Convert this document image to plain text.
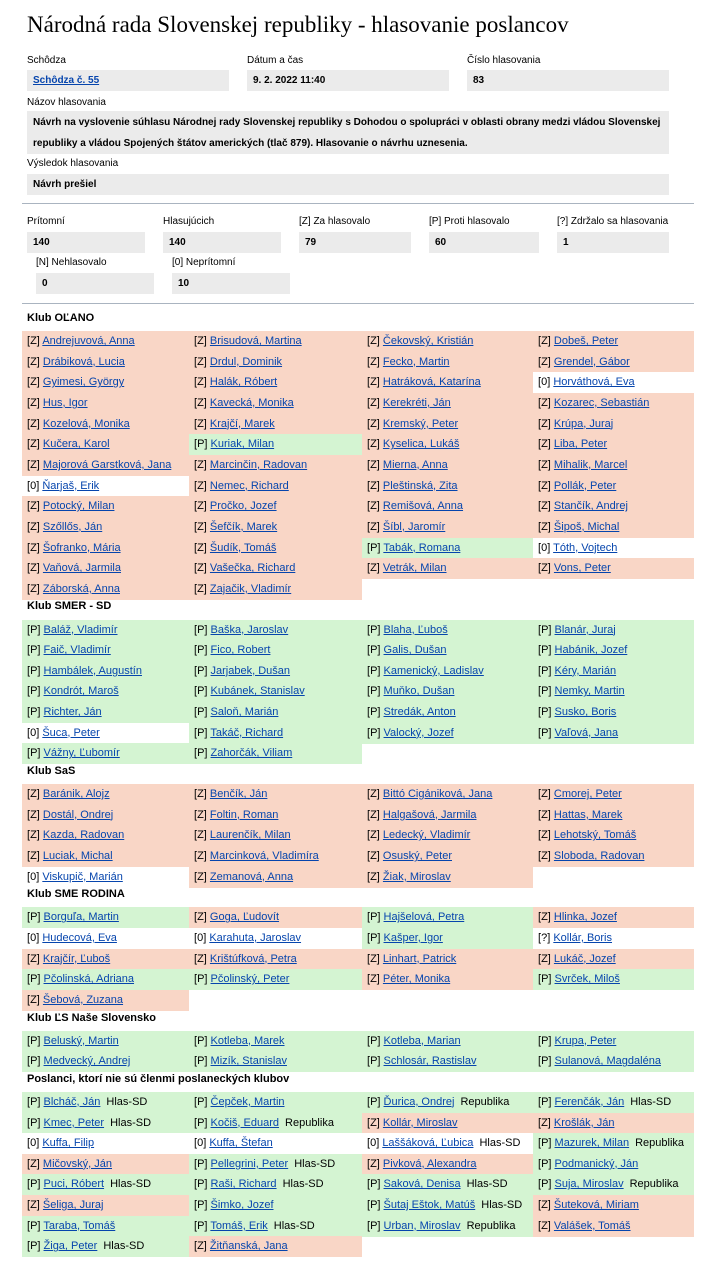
Národná rada Slovenskej republiky - hlasovanie poslancov
Schôdza
Schôdza č. 55
Dátum a čas
9. 2. 2022 11:40
Číslo hlasovania
83
Názov hlasovania
Návrh na vyslovenie súhlasu Národnej rady Slovenskej republiky s Dohodou o spolupráci v oblasti obrany medzi vládou Slovenskej republiky a vládou Spojených štátov amerických (tlač 879). Hlasovanie o návrhu uznesenia.
Výsledok hlasovania
Návrh prešiel
Prítomní
140
Hlasujúcich
140
[Z] Za hlasovalo
79
[P] Proti hlasovalo
60
[?] Zdržalo sa hlasovania
1
[N] Nehlasovalo
0
[0] Neprítomní
10
Klub OĽANO
[Z] Andrejuvová, Anna	[Z] Brisudová, Martina	[Z] Čekovský, Kristián	[Z] Dobeš, Peter
[Z] Drábiková, Lucia	[Z] Drdul, Dominik	[Z] Fecko, Martin	[Z] Grendel, Gábor
[Z] Gyimesi, György	[Z] Halák, Róbert	[Z] Hatráková, Katarína	[0] Horváthová, Eva
[Z] Hus, Igor	[Z] Kavecká, Monika	[Z] Kerekréti, Ján	[Z] Kozarec, Sebastián
[Z] Kozelová, Monika	[Z] Krajčí, Marek	[Z] Kremský, Peter	[Z] Krúpa, Juraj
[Z] Kučera, Karol	[P] Kuriak, Milan	[Z] Kyselica, Lukáš	[Z] Liba, Peter
[Z] Majorová Garstková, Jana	[Z] Marcinčin, Radovan	[Z] Mierna, Anna	[Z] Mihalik, Marcel
[0] Ňarjaš, Erik	[Z] Nemec, Richard	[Z] Pleštinská, Zita	[Z] Pollák, Peter
[Z] Potocký, Milan	[Z] Pročko, Jozef	[Z] Remišová, Anna	[Z] Stančík, Andrej
[Z] Szőllős, Ján	[Z] Šefčík, Marek	[Z] Šíbl, Jaromír	[Z] Šipoš, Michal
[Z] Šofranko, Mária	[Z] Šudík, Tomáš	[P] Tabák, Romana	[0] Tóth, Vojtech
[Z] Vaňová, Jarmila	[Z] Vašečka, Richard	[Z] Vetrák, Milan	[Z] Vons, Peter
[Z] Záborská, Anna	[Z] Zajačik, Vladimír
Klub SMER - SD
[P] Baláž, Vladimír	[P] Baška, Jaroslav	[P] Blaha, Ľuboš	[P] Blanár, Juraj
[P] Faič, Vladimír	[P] Fico, Robert	[P] Galis, Dušan	[P] Habánik, Jozef
[P] Hambálek, Augustín	[P] Jarjabek, Dušan	[P] Kamenický, Ladislav	[P] Kéry, Marián
[P] Kondrót, Maroš	[P] Kubánek, Stanislav	[P] Muňko, Dušan	[P] Nemky, Martin
[P] Richter, Ján	[P] Saloň, Marián	[P] Stredák, Anton	[P] Susko, Boris
[0] Šuca, Peter	[P] Takáč, Richard	[P] Valocký, Jozef	[P] Vaľová, Jana
[P] Vážny, Ľubomír	[P] Zahorčák, Viliam
Klub SaS
[Z] Baránik, Alojz	[Z] Benčík, Ján	[Z] Bittó Cigániková, Jana	[Z] Cmorej, Peter
[Z] Dostál, Ondrej	[Z] Foltin, Roman	[Z] Halgašová, Jarmila	[Z] Hattas, Marek
[Z] Kazda, Radovan	[Z] Laurenčík, Milan	[Z] Ledecký, Vladimír	[Z] Lehotský, Tomáš
[Z] Luciak, Michal	[Z] Marcinková, Vladimíra	[Z] Osuský, Peter	[Z] Sloboda, Radovan
[0] Viskupič, Marián	[Z] Zemanová, Anna	[Z] Žiak, Miroslav
Klub SME RODINA
[P] Borguľa, Martin	[Z] Goga, Ľudovít	[P] Hajšelová, Petra	[Z] Hlinka, Jozef
[0] Hudecová, Eva	[0] Karahuta, Jaroslav	[P] Kašper, Igor	[?] Kollár, Boris
[Z] Krajčír, Ľuboš	[Z] Krištúfková, Petra	[Z] Linhart, Patrick	[Z] Lukáč, Jozef
[P] Pčolinská, Adriana	[P] Pčolinský, Peter	[Z] Péter, Monika	[P] Svrček, Miloš
[Z] Šebová, Zuzana
Klub ĽS Naše Slovensko
[P] Beluský, Martin	[P] Kotleba, Marek	[P] Kotleba, Marian	[P] Krupa, Peter
[P] Medvecký, Andrej	[P] Mizík, Stanislav	[P] Schlosár, Rastislav	[P] Sulanová, Magdaléna
Poslanci, ktorí nie sú členmi poslaneckých klubov
[P] Blcháč, Ján Hlas-SD	[P] Čepček, Martin	[P] Ďurica, Ondrej Republika	[P] Ferenčák, Ján Hlas-SD
[P] Kmec, Peter Hlas-SD	[P] Kočiš, Eduard Republika	[Z] Kollár, Miroslav	[Z] Krošlák, Ján
[0] Kuffa, Filip	[0] Kuffa, Štefan	[0] Laššáková, Ľubica Hlas-SD	[P] Mazurek, Milan Republika
[Z] Mičovský, Ján	[P] Pellegrini, Peter Hlas-SD	[Z] Pivková, Alexandra	[P] Podmanický, Ján
[P] Puci, Róbert Hlas-SD	[P] Raši, Richard Hlas-SD	[P] Saková, Denisa Hlas-SD	[P] Suja, Miroslav Republika
[Z] Šeliga, Juraj	[P] Šimko, Jozef	[P] Šutaj Eštok, Matúš Hlas-SD	[Z] Šuteková, Miriam
[P] Taraba, Tomáš	[P] Tomáš, Erik Hlas-SD	[P] Urban, Miroslav Republika	[Z] Valášek, Tomáš
[P] Žiga, Peter Hlas-SD	[Z] Žitňanská, Jana
